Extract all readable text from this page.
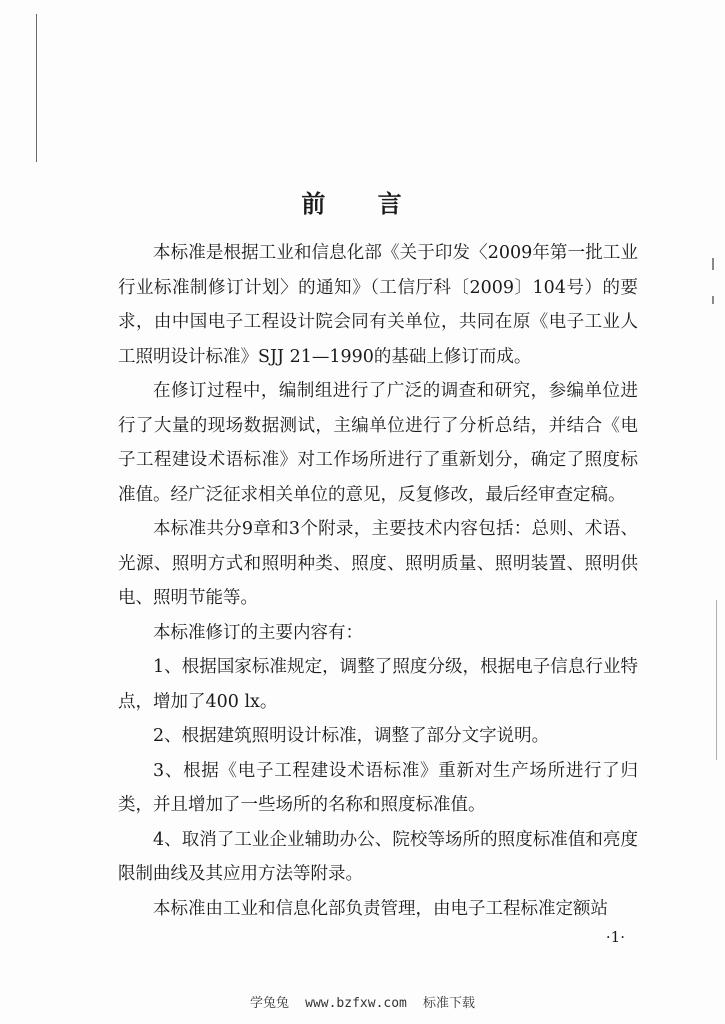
前 言

本标准是根据工业和信息化部《关于印发〈2009年第一批工业行业标准制修订计划〉的通知》（工信厅科〔2009〕104号）的要求，由中国电子工程设计院会同有关单位，共同在原《电子工业人工照明设计标准》SJJ 21—1990的基础上修订而成。

在修订过程中，编制组进行了广泛的调查和研究，参编单位进行了大量的现场数据测试，主编单位进行了分析总结，并结合《电子工程建设术语标准》对工作场所进行了重新划分，确定了照度标准值。经广泛征求相关单位的意见，反复修改，最后经审查定稿。

本标准共分9章和3个附录，主要技术内容包括：总则、术语、光源、照明方式和照明种类、照度、照明质量、照明装置、照明供电、照明节能等。

本标准修订的主要内容有：

1、根据国家标准规定，调整了照度分级，根据电子信息行业特点，增加了400 lx。

2、根据建筑照明设计标准，调整了部分文字说明。

3、根据《电子工程建设术语标准》重新对生产场所进行了归类，并且增加了一些场所的名称和照度标准值。

4、取消了工业企业辅助办公、院校等场所的照度标准值和亮度限制曲线及其应用方法等附录。

本标准由工业和信息化部负责管理，由电子工程标准定额站

·1·
学兔兔 www.bzfxw.com 标准下载
